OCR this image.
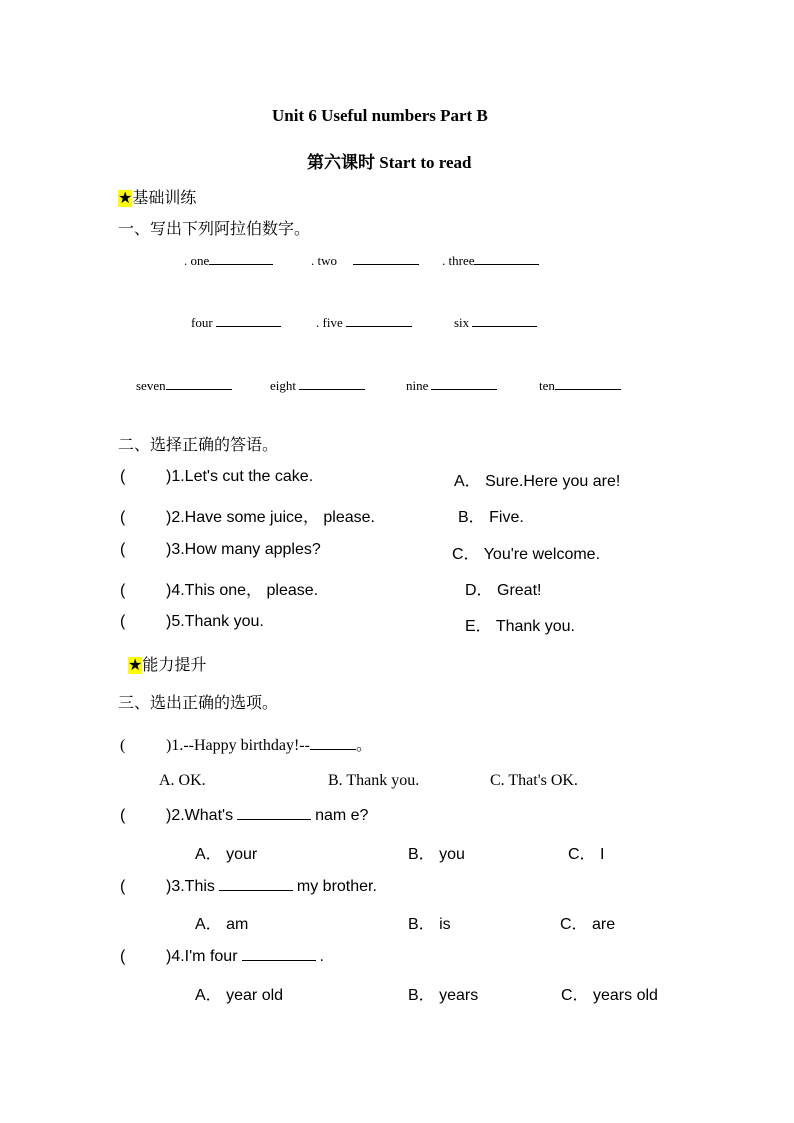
Unit 6 Useful numbers Part B
第六课时 Start to read
★基础训练
一、写出下列阿拉伯数字。
. one	. two	. three
four	. five	six
seven	eight	nine	ten
二、选择正确的答语。
(	)1.Let's cut the cake.	A． Sure.Here you are!
(	)2.Have some juice， please.	B． Five.
(	)3.How many apples?	C． You're welcome.
(	)4.This one， please.	D． Great!
(	)5.Thank you.	E． Thank you.
★能力提升
三、选出正确的选项。
(	)1.--Happy birthday!--	。
A. OK.	B. Thank you.	C. That's OK.
(	)2.What's	nam e?
A． your	B． you	C． I
(	)3.This	my brother.
A． am	B． is	C． are
(	)4.I'm four	.
A． year old	B． years	C． years old
